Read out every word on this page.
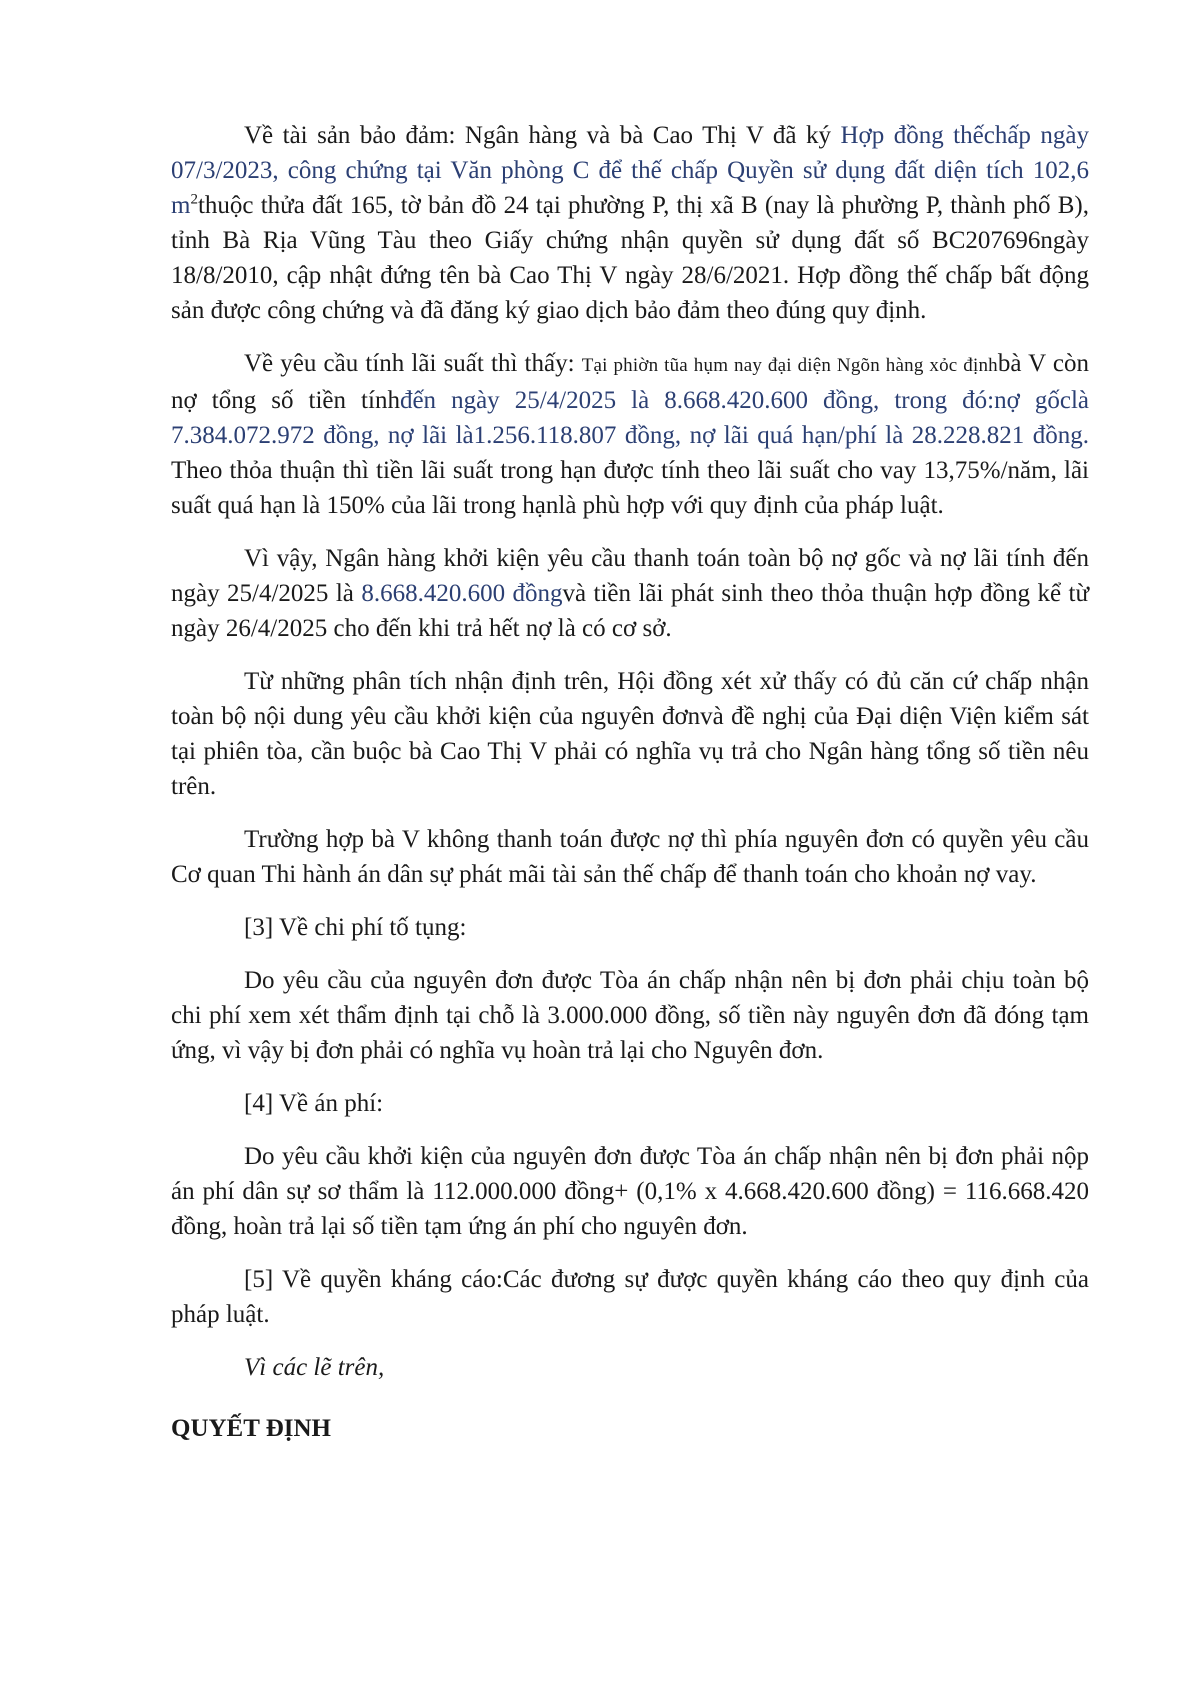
Về tài sản bảo đảm: Ngân hàng và bà Cao Thị V đã ký Hợp đồng thếchấp ngày 07/3/2023, công chứng tại Văn phòng C để thế chấp Quyền sử dụng đất diện tích 102,6 $m^2thuộc$ thửa đất 165, tờ bản đồ 24 tại phường P, thị xã B (nay là phường P, thành phố B), tỉnh Bà Rịa Vũng Tàu theo Giấy chứng nhận quyền sử dụng đất số BC207696ngày 18/8/2010, cập nhật đứng tên bà Cao Thị V ngày 28/6/2021. Hợp đồng thế chấp bất động sản được công chứng và đã đăng ký giao dịch bảo đảm theo đúng quy định.

Về yêu cầu tính lãi suất thì thấy: Tại phiờn tũa hụm nay đại diện Ngõn hàng xỏc địnhbà V còn nợ tổng số tiền tínhđến ngày 25/4/2025 là 8.668.420.600 đồng, trong đó:nợ gốclà 7.384.072.972 đồng, nợ lãi là1.256.118.807 đồng, nợ lãi quá hạn/phí là 28.228.821 đồng. Theo thỏa thuận thì tiền lãi suất trong hạn được tính theo lãi suất cho vay 13,75%/năm, lãi suất quá hạn là 150% của lãi trong hạnlà phù hợp với quy định của pháp luật.

Vì vậy, Ngân hàng khởi kiện yêu cầu thanh toán toàn bộ nợ gốc và nợ lãi tính đến ngày 25/4/2025 là 8.668.420.600 đồngvà tiền lãi phát sinh theo thỏa thuận hợp đồng kể từ ngày 26/4/2025 cho đến khi trả hết nợ là có cơ sở.

Từ những phân tích nhận định trên, Hội đồng xét xử thấy có đủ căn cứ chấp nhận toàn bộ nội dung yêu cầu khởi kiện của nguyên đơnvà đề nghị của Đại diện Viện kiểm sát tại phiên tòa, cần buộc bà Cao Thị V phải có nghĩa vụ trả cho Ngân hàng tổng số tiền nêu trên.

Trường hợp bà V không thanh toán được nợ thì phía nguyên đơn có quyền yêu cầu Cơ quan Thi hành án dân sự phát mãi tài sản thế chấp để thanh toán cho khoản nợ vay.

[3] Về chi phí tố tụng:

Do yêu cầu của nguyên đơn được Tòa án chấp nhận nên bị đơn phải chịu toàn bộ chi phí xem xét thẩm định tại chỗ là 3.000.000 đồng, số tiền này nguyên đơn đã đóng tạm ứng, vì vậy bị đơn phải có nghĩa vụ hoàn trả lại cho Nguyên đơn.

[4] Về án phí:

Do yêu cầu khởi kiện của nguyên đơn được Tòa án chấp nhận nên bị đơn phải nộp án phí dân sự sơ thẩm là 112.000.000 đồng+ (0,1% x 4.668.420.600 đồng) = 116.668.420 đồng, hoàn trả lại số tiền tạm ứng án phí cho nguyên đơn.

[5] Về quyền kháng cáo:Các đương sự được quyền kháng cáo theo quy định của pháp luật.

Vì các lẽ trên,

QUYẾT ĐỊNH
